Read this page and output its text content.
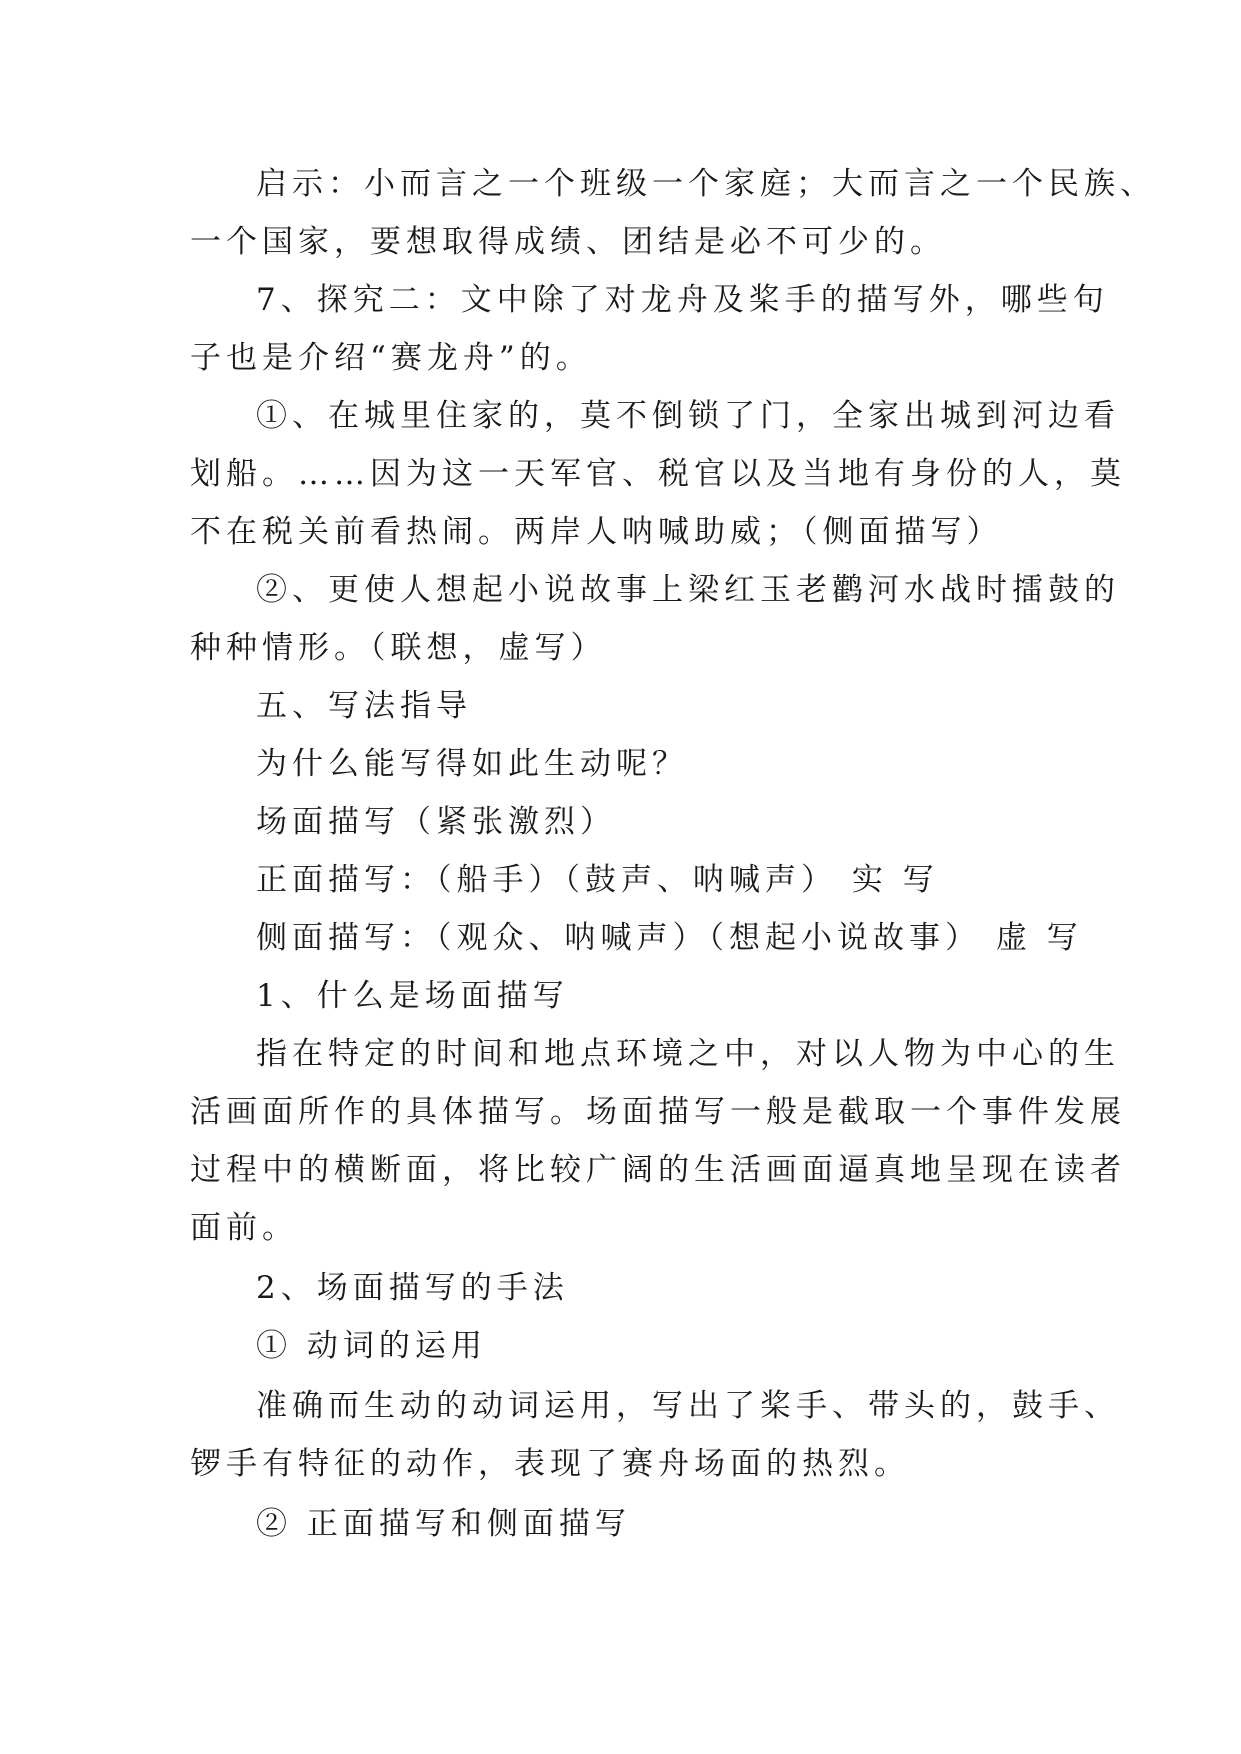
启示：小而言之一个班级一个家庭；大而言之一个民族、
一个国家，要想取得成绩、团结是必不可少的。
7、探究二：文中除了对龙舟及桨手的描写外，哪些句
子也是介绍“赛龙舟”的。
①、在城里住家的，莫不倒锁了门，全家出城到河边看
划船。……因为这一天军官、税官以及当地有身份的人，莫
不在税关前看热闹。两岸人呐喊助威；（侧面描写）
②、更使人想起小说故事上梁红玉老鹳河水战时擂鼓的
种种情形。（联想，虚写）
五、写法指导
为什么能写得如此生动呢？
场面描写（紧张激烈）
正面描写：（船手）（鼓声、呐喊声） 实 写
侧面描写：（观众、呐喊声）（想起小说故事） 虚 写
1、什么是场面描写
指在特定的时间和地点环境之中，对以人物为中心的生
活画面所作的具体描写。场面描写一般是截取一个事件发展
过程中的横断面，将比较广阔的生活画面逼真地呈现在读者
面前。
2、场面描写的手法
① 动词的运用
准确而生动的动词运用，写出了桨手、带头的，鼓手、
锣手有特征的动作，表现了赛舟场面的热烈。
② 正面描写和侧面描写
